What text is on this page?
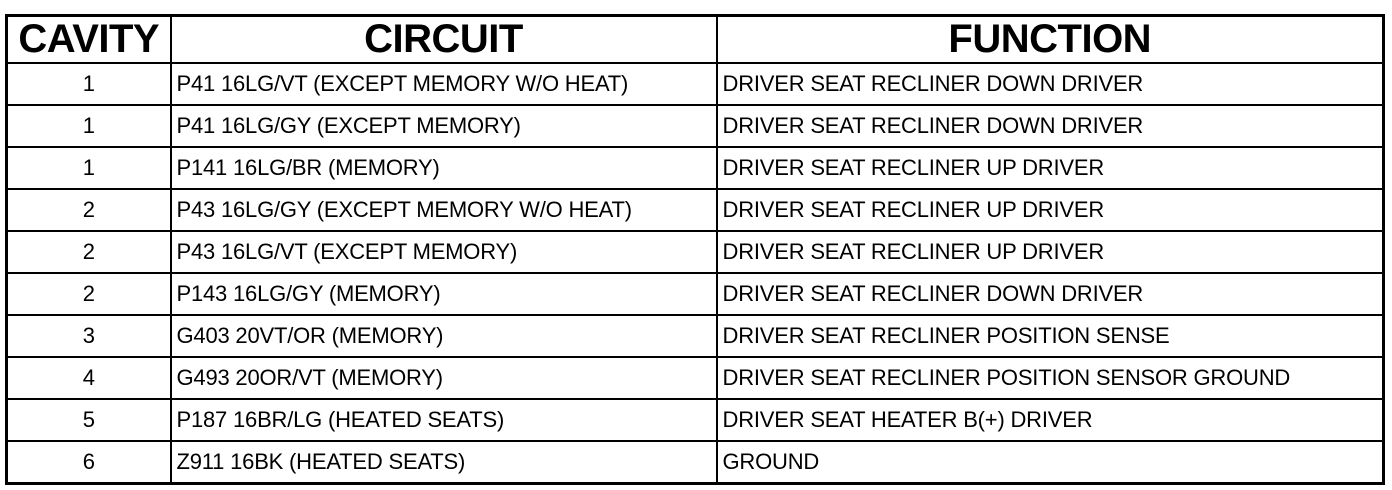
CAVITY	CIRCUIT	FUNCTION
1	P41 16LG/VT (EXCEPT MEMORY W/O HEAT)	DRIVER SEAT RECLINER DOWN DRIVER
1	P41 16LG/GY (EXCEPT MEMORY)	DRIVER SEAT RECLINER DOWN DRIVER
1	P141 16LG/BR (MEMORY)	DRIVER SEAT RECLINER UP DRIVER
2	P43 16LG/GY (EXCEPT MEMORY W/O HEAT)	DRIVER SEAT RECLINER UP DRIVER
2	P43 16LG/VT (EXCEPT MEMORY)	DRIVER SEAT RECLINER UP DRIVER
2	P143 16LG/GY (MEMORY)	DRIVER SEAT RECLINER DOWN DRIVER
3	G403 20VT/OR (MEMORY)	DRIVER SEAT RECLINER POSITION SENSE
4	G493 20OR/VT (MEMORY)	DRIVER SEAT RECLINER POSITION SENSOR GROUND
5	P187 16BR/LG (HEATED SEATS)	DRIVER SEAT HEATER B(+) DRIVER
6	Z911 16BK (HEATED SEATS)	GROUND
